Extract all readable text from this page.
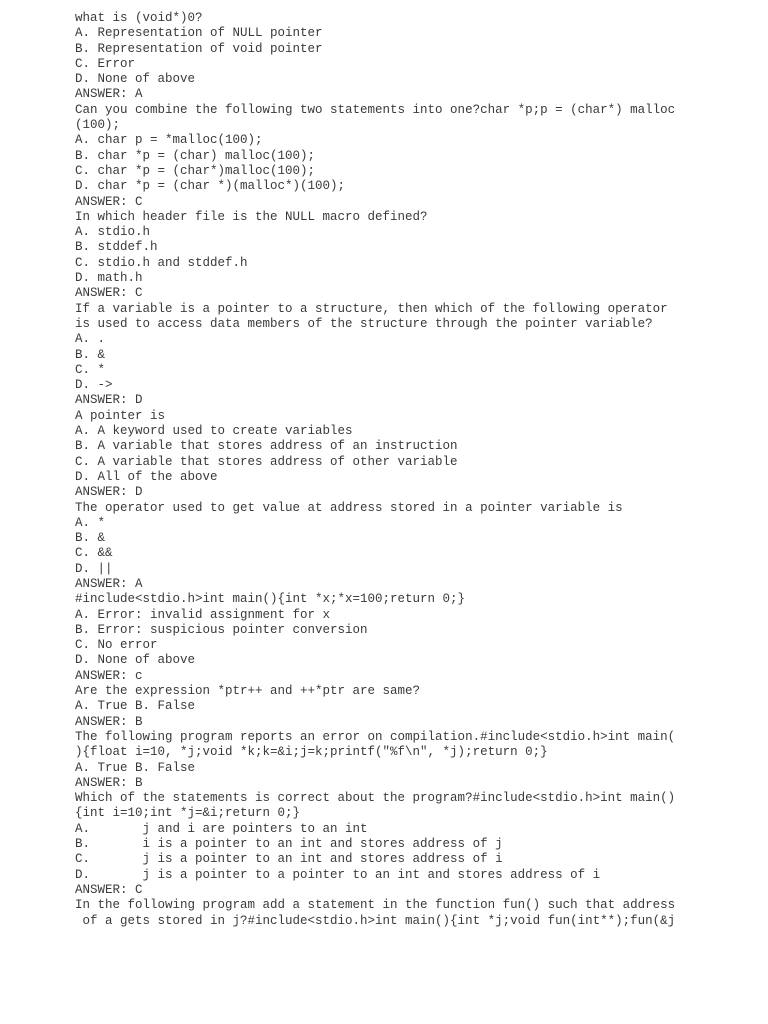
what is (void*)0?
A. Representation of NULL pointer
B. Representation of void pointer
C. Error
D. None of above
ANSWER: A
Can you combine the following two statements into one?char *p;p = (char*) malloc
(100);
A. char p = *malloc(100);
B. char *p = (char) malloc(100);
C. char *p = (char*)malloc(100);
D. char *p = (char *)(malloc*)(100);
ANSWER: C
In which header file is the NULL macro defined?
A. stdio.h
B. stddef.h
C. stdio.h and stddef.h
D. math.h
ANSWER: C
If a variable is a pointer to a structure, then which of the following operator
is used to access data members of the structure through the pointer variable?
A. .
B. &
C. *
D. ->
ANSWER: D
A pointer is
A. A keyword used to create variables
B. A variable that stores address of an instruction
C. A variable that stores address of other variable
D. All of the above
ANSWER: D
The operator used to get value at address stored in a pointer variable is
A. *
B. &
C. &&
D. ||
ANSWER: A
#include<stdio.h>int main(){int *x;*x=100;return 0;}
A. Error: invalid assignment for x
B. Error: suspicious pointer conversion
C. No error
D. None of above
ANSWER: c
Are the expression *ptr++ and ++*ptr are same?
A. True B. False
ANSWER: B
The following program reports an error on compilation.#include<stdio.h>int main(
){float i=10, *j;void *k;k=&i;j=k;printf("%f\n", *j);return 0;}
A. True B. False
ANSWER: B
Which of the statements is correct about the program?#include<stdio.h>int main()
{int i=10;int *j=&i;return 0;}
A.       j and i are pointers to an int
B.       i is a pointer to an int and stores address of j
C.       j is a pointer to an int and stores address of i
D.       j is a pointer to a pointer to an int and stores address of i
ANSWER: C
In the following program add a statement in the function fun() such that address
of a gets stored in j?#include<stdio.h>int main(){int *j;void fun(int**);fun(&j
